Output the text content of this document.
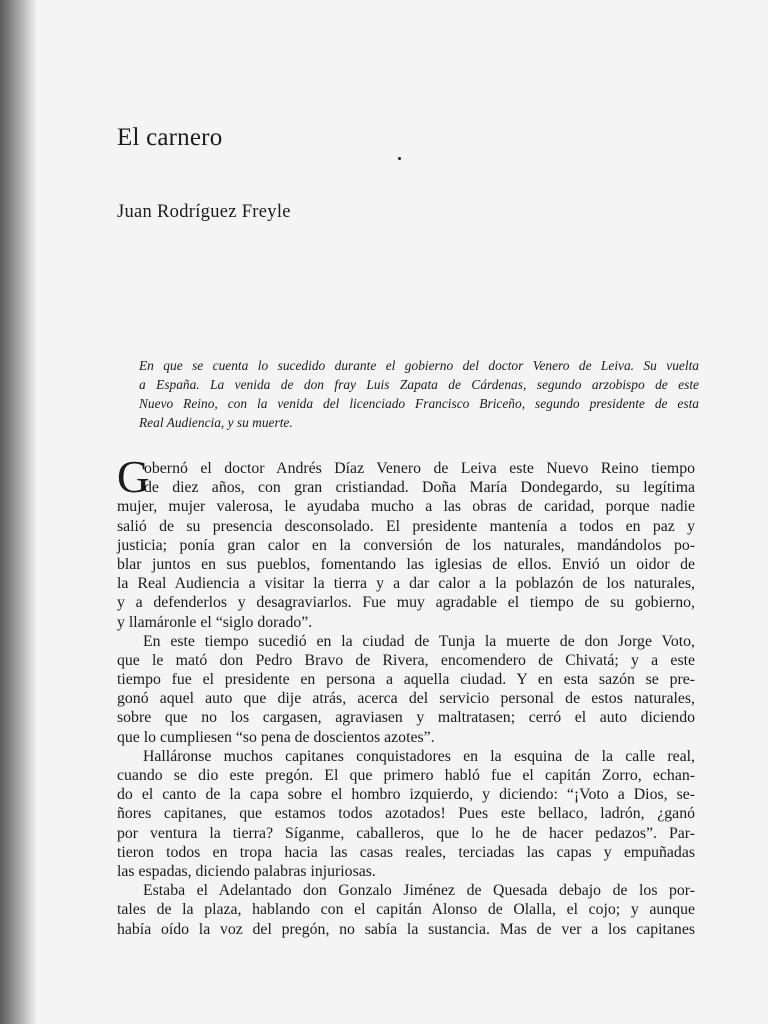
El carnero
Juan Rodríguez Freyle

En que se cuenta lo sucedido durante el gobierno del doctor Venero de Leiva. Su vuelta
a España. La venida de don fray Luis Zapata de Cárdenas, segundo arzobispo de este
Nuevo Reino, con la venida del licenciado Francisco Briceño, segundo presidente de esta
Real Audiencia, y su muerte.

G
obernó el doctor Andrés Díaz Venero de Leiva este Nuevo Reino tiempo
de diez años, con gran cristiandad. Doña María Dondegardo, su legítima
mujer, mujer valerosa, le ayudaba mucho a las obras de caridad, porque nadie
salió de su presencia desconsolado. El presidente mantenía a todos en paz y
justicia; ponía gran calor en la conversión de los naturales, mandándolos po-
blar juntos en sus pueblos, fomentando las iglesias de ellos. Envió un oidor de
la Real Audiencia a visitar la tierra y a dar calor a la poblazón de los naturales,
y a defenderlos y desagraviarlos. Fue muy agradable el tiempo de su gobierno,
y llamáronle el “siglo dorado”.
En este tiempo sucedió en la ciudad de Tunja la muerte de don Jorge Voto,
que le mató don Pedro Bravo de Rivera, encomendero de Chivatá; y a este
tiempo fue el presidente en persona a aquella ciudad. Y en esta sazón se pre-
gonó aquel auto que dije atrás, acerca del servicio personal de estos naturales,
sobre que no los cargasen, agraviasen y maltratasen; cerró el auto diciendo
que lo cumpliesen “so pena de doscientos azotes”.
Halláronse muchos capitanes conquistadores en la esquina de la calle real,
cuando se dio este pregón. El que primero habló fue el capitán Zorro, echan-
do el canto de la capa sobre el hombro izquierdo, y diciendo: “¡Voto a Dios, se-
ñores capitanes, que estamos todos azotados! Pues este bellaco, ladrón, ¿ganó
por ventura la tierra? Síganme, caballeros, que lo he de hacer pedazos”. Par-
tieron todos en tropa hacia las casas reales, terciadas las capas y empuñadas
las espadas, diciendo palabras injuriosas.
Estaba el Adelantado don Gonzalo Jiménez de Quesada debajo de los por-
tales de la plaza, hablando con el capitán Alonso de Olalla, el cojo; y aunque
había oído la voz del pregón, no sabía la sustancia. Mas de ver a los capitanes
